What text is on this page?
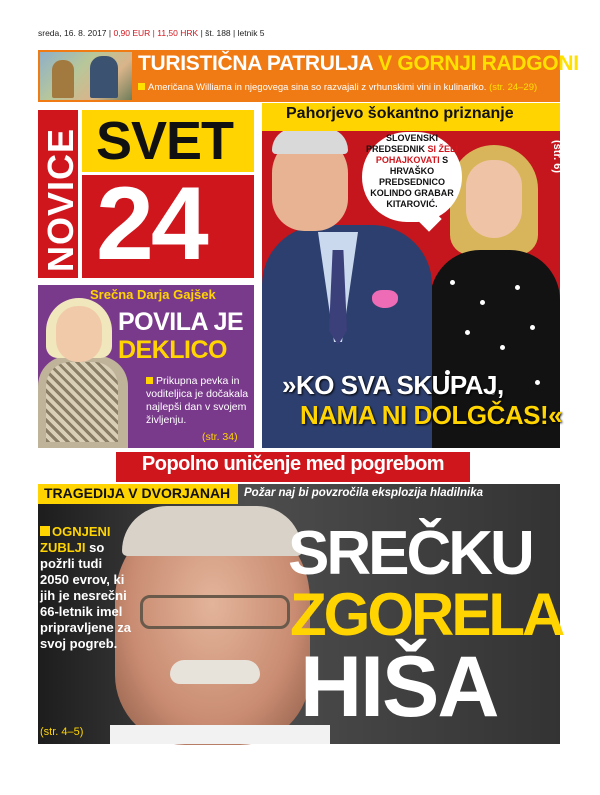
sreda, 16. 8. 2017 | 0,90 EUR | 11,50 HRK | št. 188 | letnik 5
TURISTIČNA PATRULJA V GORNJI RADGONI
Američana Williama in njegovega sina so razvajali z vrhunskimi vini in kulinariko. (str. 24–29)
NOVICE SVET
24
Pahorjevo šokantno priznanje
SLOVENSKI PREDSEDNIK SI ŽELI POHAJKOVATI S HRVAŠKO PREDSEDNICO KOLINDO GRABAR KITAROVIĆ.
(str. 6)
»KO SVA SKUPAJ,
NAMA NI DOLGČAS!«
Srečna Darja Gajšek
POVILA JE
DEKLICO
Prikupna pevka in voditeljica je dočakala najlepši dan v svojem življenju.
(str. 34)
Popolno uničenje med pogrebom
TRAGEDIJA V DVORJANAH Požar naj bi povzročila eksplozija hladilnika
OGNJENI ZUBLJI so požrli tudi 2050 evrov, ki jih je nesrečni 66-letnik imel pripravljene za svoj pogreb.
(str. 4–5)
SREČKU
ZGORELA
HIŠA
